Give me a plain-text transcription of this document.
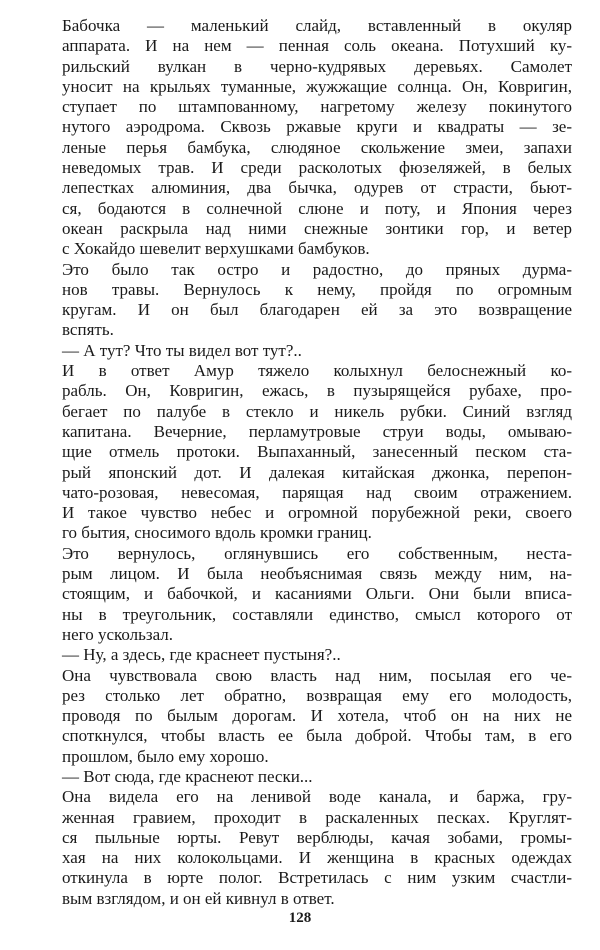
Бабочка — маленький слайд, вставленный в окуляр
аппарата. И на нем — пенная соль океана. Потухший ку-
рильский вулкан в черно-кудрявых деревьях. Самолет
уносит на крыльях туманные, жужжащие солнца. Он, Ковригин,
ступает по штампованному, нагретому железу покинутого
нутого аэродрома. Сквозь ржавые круги и квадраты — зе-
леные перья бамбука, слюдяное скольжение змеи, запахи
неведомых трав. И среди расколотых фюзеляжей, в белых
лепестках алюминия, два бычка, одурев от страсти, бьют-
ся, бодаются в солнечной слюне и поту, и Япония через
океан раскрыла над ними снежные зонтики гор, и ветер
с Хокайдо шевелит верхушками бамбуков.

Это было так остро и радостно, до пряных дурма-
нов травы. Вернулось к нему, пройдя по огромным
кругам. И он был благодарен ей за это возвращение
вспять.

— А тут? Что ты видел вот тут?..

И в ответ Амур тяжело колыхнул белоснежный ко-
рабль. Он, Ковригин, ежась, в пузырящейся рубахе, про-
бегает по палубе в стекло и никель рубки. Синий взгляд
капитана. Вечерние, перламутровые струи воды, омываю-
щие отмель протоки. Выпаханный, занесенный песком ста-
рый японский дот. И далекая китайская джонка, перепон-
чато-розовая, невесомая, парящая над своим отражением.
И такое чувство небес и огромной порубежной реки, своего
го бытия, сносимого вдоль кромки границ.

Это вернулось, оглянувшись его собственным, неста-
рым лицом. И была необъяснимая связь между ним, на-
стоящим, и бабочкой, и касаниями Ольги. Они были вписа-
ны в треугольник, составляли единство, смысл которого от
него ускользал.

— Ну, а здесь, где краснеет пустыня?..

Она чувствовала свою власть над ним, посылая его че-
рез столько лет обратно, возвращая ему его молодость,
проводя по былым дорогам. И хотела, чтоб он на них не
споткнулся, чтобы власть ее была доброй. Чтобы там, в его
прошлом, было ему хорошо.

— Вот сюда, где краснеют пески...

Она видела его на ленивой воде канала, и баржа, гру-
женная гравием, проходит в раскаленных песках. Круглят-
ся пыльные юрты. Ревут верблюды, качая зобами, громы-
хая на них колокольцами. И женщина в красных одеждах
откинула в юрте полог. Встретилась с ним узким счастли-
вым взглядом, и он ей кивнул в ответ.

128
